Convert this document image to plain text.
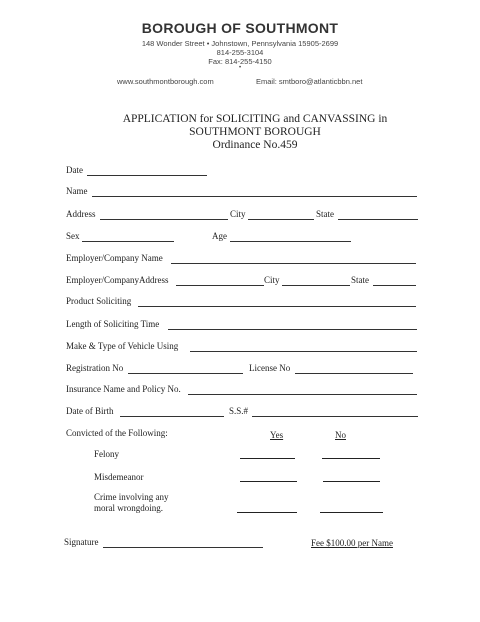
BOROUGH OF SOUTHMONT
148 Wonder Street • Johnstown, Pennsylvania 15905-2699
814-255-3104
Fax: 814-255-4150
•
www.southmontborough.com	Email: smtboro@atlanticbbn.net
APPLICATION for SOLICITING and CANVASSING in
SOUTHMONT BOROUGH
Ordinance No.459
Date
Name
Address	City	State
Sex	Age
Employer/Company Name
Employer/CompanyAddress	City	State
Product Soliciting
Length of Soliciting Time
Make & Type of Vehicle Using
Registration No	License No
Insurance Name and Policy No.
Date of Birth	S.S.#
Convicted of the Following:	Yes	No
Felony
Misdemeanor
Crime involving any
moral wrongdoing.
Signature	Fee $100.00 per Name
